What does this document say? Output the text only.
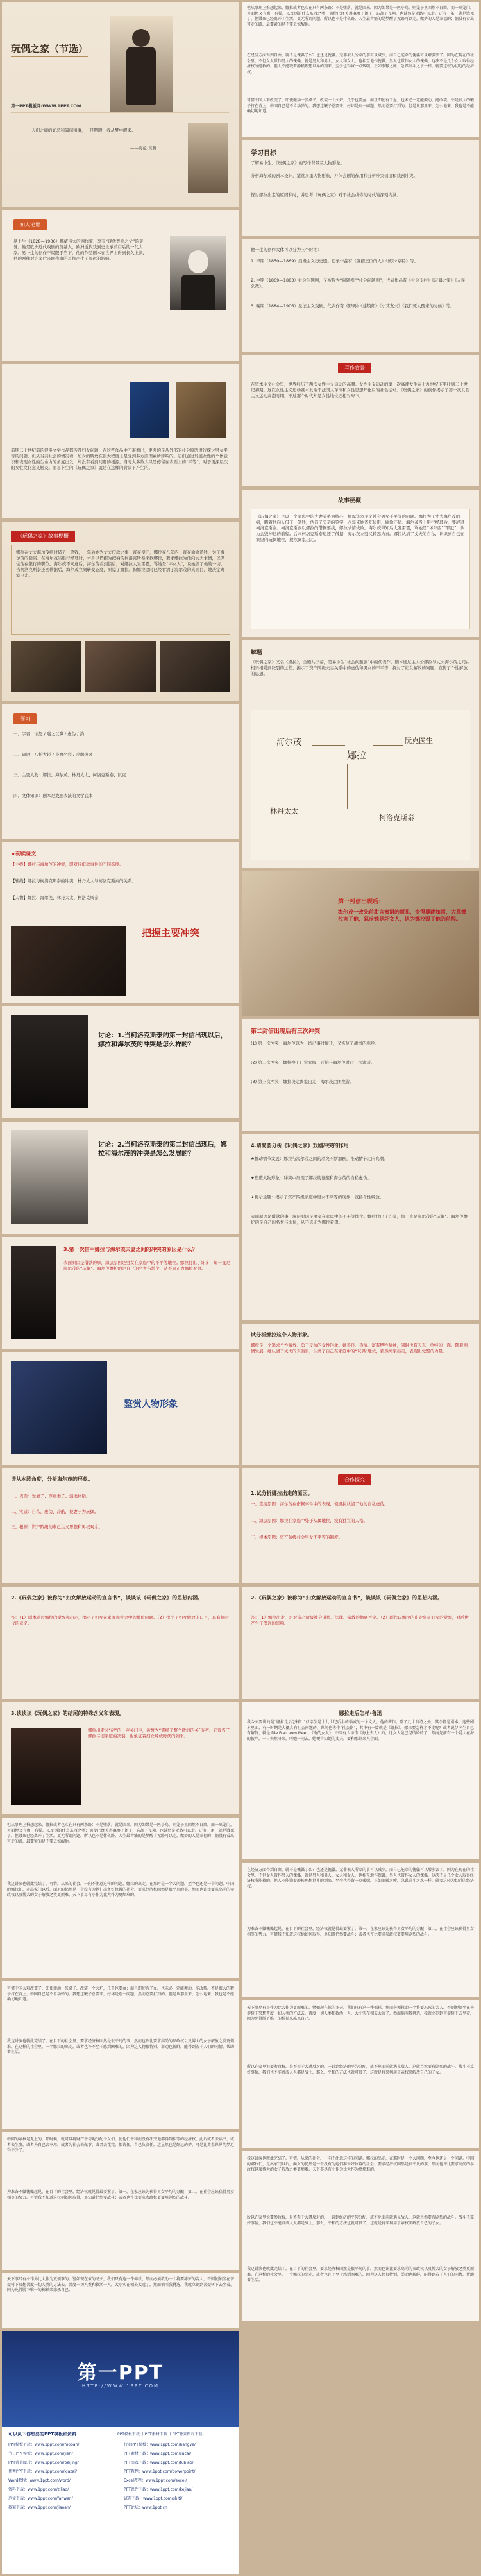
玩偶之家（节选）
第一PPT模板网-WWW.1PPT.COM
人们之间的妒忌和隔阂和事，一旦明瞭，我从梦中醒来。
——海伦·巨鲁
但从事理上推想起来，娜拉或者也实在只有两条路：不是堕落，就是回来。因为如果是一匹小鸟，则笼子里固然不自由，而一出笼门，外面便又有鹰，有猫，以及别的什么东西之类；倘使已经关得麻痹了翅子，忘却了飞翔，也诚然是无路可以走。还有一条，就是饿死了，但饿死已经离开了生活，更无所谓问题，所以也不是什么路。人生最苦痛的是梦醒了无路可以走。做梦的人是幸福的；倘没有看出可走的路，最要紧的是不要去惊醒他。
在经济方面得到自由，就不是傀儡了么？也还是傀儡。无非被人所牵的事可以减少，而自己能牵的傀儡可以增多罢了。因为在现在的社会里，不但女人常作男人的傀儡，就是男人和男人，女人和女人，也相互地作傀儡，男人也常作女人的傀儡，这决不是几个女人取得经济权所能救的。但人不能饿着静候理想世界的到来，至少也得留一点残喘，正如涸辙之鲋，急谋升斗之水一样，就要这较为切近的经济权。
可惜中国太难改变了，即使搬动一张桌子，改装一个火炉，几乎也要血；而且即使有了血，也未必一定能搬动，能改装。不是很大的鞭子打在背上，中国自己是不肯动弹的。我想这鞭子总要来，好坏是别一问题，然而总要打到的。但是从那里来，怎么地来，我也是不能确切地知道。
学习目标
了解易卜生、《玩偶之家》的写作背景及人物形象。
分析海尔茂的剧本设计，鉴赏多重人物形象，并体会剧的作用和分析冲突情境和戏剧冲突。
探讨娜拉出走的原因和时，并思考《玩偶之家》对于社会或你的时代的深刻内涵。
知人论世
易卜生（1828—1906）挪威伟大的剧作家，享有“现代戏剧之父”的美誉。他是欧洲近代戏剧的奠基人，欧洲近代戏剧史上承前启后的一代大家。易卜生的创作不局限于当下，他的作品剧本在世界上得到长久上演，他的剧作对许多后来剧作家的写作产生了深远的影响。
他一生的创作大体可以分为三个时期：
1. 早期（1850—1869）浪漫主义历史剧。记录作品有《觊觎王位的人》《彼尔·京特》等。
2. 中期（1869—1883）社会问题剧，又被称为“问题剧”“社会问题剧”，代表作品有《社会支柱》《玩偶之家》《人民公敌》。
3. 晚期（1884—1906）象征主义戏剧。代表作有《野鸭》《建筑师》《小艾友夫》《我们死人醒来的时候》等。
前期二十世纪前的很多文学作品都涉及妇女问题，在这些作品中不难看出，更多的是从外部的社会原因进行探讨男女平等的问题。但从当前社会的情况看，妇女的解放在很大程度上是受到多方面因素所影响的。它们通过发展女性的个体意识和表现女性的生命力的角度出发，却没有看到问题的根源。当时大多数人只是停留在表面上的“平等”。对于更深层次的女性文化意义触及。而易卜生的《玩偶之家》就是在这样的背景下产生的。
写作背景
在资本主义社会里，世界经历了两次女性主义运动的高潮。女性主义运动的第一次高潮发生在十九世纪下半叶到二十世纪初期。这次女性主义运动基本发端于法国大革命和女性思想开化后的社会运动。《玩偶之家》的创作揭示了第一次女性主义运动高潮时期。不过那个时代却是女性地位还相对卑下。
故事梗概
《玩偶之家》是以一个家庭中的夫妻关系为核心，揭露资本主义社会男女不平等的问题。娜拉为了丈夫海尔茂的病，瞒着他向人借了一笔钱，伪造了父亲的签字，八年来她省吃俭用，偷偷还债。海尔茂当上银行经理后，要辞退柯洛克斯泰。柯洛克斯泰以娜拉的借据要挟，娜拉求情失败。海尔茂得知后大发雷霆，骂她是“坏东西”“罪犯”，认为会毁掉他的前程。后来柯洛克斯泰退还了借据，海尔茂立刻又转怒为喜。娜拉认清了丈夫的自私，认识到自己在家里的玩偶地位，毅然离家出走。
《玩偶之家》故事梗概
娜拉在丈夫海尔茂病时借了一笔钱，一年后她为丈夫借款之事一直在偿还，娜拉在八年内一直在偷偷还钱，为了海尔茂的健康。在海尔茂当银行经理时，本身以借据为把柄的柯洛克斯泰来找娜拉，要求娜拉为他向丈夫求情，以保住他在银行的职位。海尔茂不同意后，海尔茂看到信后，对娜拉大发雷霆，骂她是“坏女人”，说她毁了他的一切。当柯洛克斯泰还回借据后，海尔茂立刻转变态度，原谅了娜拉。但娜拉这时已经看清了海尔茂的真面目，她决定离家出走。
解题
《玩偶之家》又名《娜拉》，全剧共三幕，是易卜生“社会问题剧”中的代表作。剧本通过主人公娜拉与丈夫海尔茂之间由相亲相爱到决裂的过程，揭示了资产阶级夫妻关系中的虚伪和男女的不平等，探讨了妇女解放的问题，宣传了个性解放的思想。
海尔茂
娜拉
阮克医生
林丹太太
柯洛克斯泰
预习
一、字音：恼怒 / 嗤之以鼻 / 虚伪 / 淌
二、词语：八抬大轿 / 身败名裂 / 冷嘲热讽
三、主要人物：娜拉、海尔茂、林丹太太、柯洛克斯泰、阮克
四、文体知识：剧本是戏剧表演的文学底本
★初读课文
【主线】娜拉与海尔茂的冲突，即对待借款事件的不同态度。
【辅线】娜拉与柯洛克斯泰的冲突，林丹太太与柯洛克斯泰的关系。
【人物】娜拉、海尔茂、林丹太太、柯洛克斯泰
把握主要冲突
第一封信出现后：
海尔茂一改先前甜言蜜语的面孔，变得暴跳如雷，大骂娜拉害了他，怒斥她是坏女人，认为娜拉毁了他的前程。
讨论：1.当柯洛克斯泰的第一封信出现以后，娜拉和海尔茂的冲突是怎么样的？
第二封信出现后有三次冲突
(1) 第一次冲突：海尔茂以为一切已事过境迁，又恢复了甜蜜的称呼。
(2) 第二次冲突：娜拉换上日常衣服，开始与海尔茂进行一次谈话。
(3) 第三次冲突：娜拉决定离家出走，海尔茂企图挽留。
讨论：2.当柯洛克斯泰的第二封信出现后，娜拉和海尔茂的冲突是怎么发展的？
4.请简要分析《玩偶之家》戏剧冲突的作用
★推动情节发展：娜拉与海尔茂之间的冲突不断加剧，推动情节走向高潮。
★塑造人物形象：冲突中展现了娜拉的觉醒和海尔茂的自私虚伪。
★揭示主题：揭示了资产阶级家庭中男女不平等的现象，宣扬个性解放。
表面原因是借款的事，深层原因是男女在家庭中的不平等地位。娜拉付出了许多，却一直是海尔茂的“玩偶”。海尔茂维护的是自己的名誉与地位，从不真正为娜拉着想。
3.第一次信中娜拉与海尔茂夫妻之间的冲突的原因是什么？
表面原因是借款的事，深层原因是男女在家庭中的不平等地位。娜拉付出了许多，却一直是海尔茂的“玩偶”。海尔茂维护的是自己的名誉与地位，从不真正为娜拉着想。
鉴赏人物形象
试分析娜拉这个人物形象。
娜拉是一个追求个性解放、勇于反抗的女性形象。她善良、热情、富有牺牲精神，同时也有天真、单纯的一面。随着剧情发展，她认清了丈夫的真面目，认清了自己在家庭中的“玩偶”地位，毅然离家出走，表现出觉醒的力量。
请从本剧角度，分析海尔茂的形象。
一、表面：爱妻子、尊重妻子、温柔体贴。
二、实质：自私、虚伪、冷酷，视妻子为玩偶。
三、根源：资产阶级的利己主义思想和男权观念。
合作探究
1.试分析娜拉出走的原因。
一、直接原因：海尔茂在借据事件中的表现，使娜拉认清了他的自私虚伪。
二、深层原因：娜拉在家庭中处于从属地位，没有独立的人格。
三、根本原因：资产阶级社会男女不平等的制度。
2.《玩偶之家》被称为“妇女解放运动的宣言书”，谈谈该《玩偶之家》的思想内涵。
答：（1）剧本通过娜拉的觉醒和出走，揭示了妇女在家庭和社会中的地位问题。（2）提出了妇女解放的口号，具有划时代的意义。
2.《玩偶之家》被称为“妇女解放运动的宣言书”，谈谈该《玩偶之家》的思想内涵。
答：（1）娜拉出走，是对资产阶级社会道德、法律、宗教的彻底否定。（2）剧作以娜拉的出走象征妇女的觉醒，对后世产生了深远的影响。
3.谈谈读《玩偶之家》的结尾的特殊含义和表现。
娜拉出走时“砰”的一声关门声，被誉为“震撼了整个欧洲的关门声”。它宣告了娜拉与旧家庭的决裂，也象征着妇女解放时代的到来。
娜拉走后怎样·鲁迅
我今天要讲的是“娜拉走后怎样？”伊孛生是十九世纪后半的瑙威的一个文人。他的著作，除了几十首诗之外，其余都是剧本。这些剧本里面，有一时期是大抵含有社会问题的，世间也称作“社会剧”，其中有一篇就是《娜拉》。娜拉要怎样才不走呢？或者说伊孛生自己有解答，就是 Die Frau vom Meer，《海的女人》，中国有人译作《海上夫人》的。这女人是已经结婚的了，然而先前有一个爱人在海的彼岸，一日突然寻来，叫她一同去。她便告知她的丈夫，要和那外来人会面。
但从事理上推想起来，娜拉或者也实在只有两条路：不是堕落，就是回来。因为如果是一匹小鸟，则笼子里固然不自由，而一出笼门，外面便又有鹰，有猫，以及别的什么东西之类；倘使已经关得麻痹了翅子，忘却了飞翔，也诚然是无路可以走。还有一条，就是饿死了，但饿死已经离开了生活，更无所谓问题，所以也不是什么路。人生最苦痛的是梦醒了无路可以走。做梦的人是幸福的；倘没有看出可走的路，最要紧的是不要去惊醒他。
我这讲演也就此完结了。可惜，从来的社会，一向不注意这样的问题。娜拉的出走，在那时是一个大问题，至今也还是一个问题。中国的娜拉们，走出家门以后，面对的仍然是一个没有为她们准备好位置的社会。要求经济权固然是很平凡的事，然而也许比要求高尚的参政权以及博大的女子解放之类更烦难。天下事尽有小作为比大作为更烦难的。
在经济方面得到自由，就不是傀儡了么？也还是傀儡。无非被人所牵的事可以减少，而自己能牵的傀儡可以增多罢了。因为在现在的社会里，不但女人常作男人的傀儡，就是男人和男人，女人和女人，也相互地作傀儡，男人也常作女人的傀儡，这决不是几个女人取得经济权所能救的。但人不能饿着静候理想世界的到来，至少也得留一点残喘，正如涸辙之鲋，急谋升斗之水一样，就要这较为切近的经济权。
为准备不做傀儡起见，在目下的社会里，经济权就见得最要紧了。第一，在家应该先获得男女平均的分配；第二，在社会应该获得男女相等的势力。可惜我不知道这权柄如何取得，单知道仍然要战斗；或者也许比要求参政权更要用剧烈的战斗。
可惜中国太难改变了，即使搬动一张桌子，改装一个火炉，几乎也要血；而且即使有了血，也未必一定能搬动，能改装。不是很大的鞭子打在背上，中国自己是不肯动弹的。我想这鞭子总要来，好坏是别一问题，然而总要打到的。但是从那里来，怎么地来，我也是不能确切地知道。
我这讲演也就此完结了。在目下的社会里，要求经济权固然是很平凡的事，然而也许比要求高尚的参政权以及博大的女子解放之类更烦难。在这样的社会里，一个娜拉的出走，或者也许不至于感到困难的，因为这人物很特别，举动也新鲜，能得到若干人们的同情，帮助着生活。
天下事尽有小作为比大作为更烦难的。譬如现在似的冬天，我们只有这一件棉袄，然而必须救助一个将要冻死的苦人，否则便须坐在菩提树下冥想普度一切人类的方法去。普度一切人类和救活一人，大小实在相去太远了，然而倘叫我挑选，我就立刻到菩提树下去坐着，因为免得脱下唯一的棉袄来冻杀自己。
所以在家里说要参政权，是不至于大遭反对的，一说到经济的平匀分配，或不免面前就遇见敌人，这就当然要有剧烈的战斗。战斗不算好事情，我们也不能责成人人都是战士，那么，平和的方法也就可贵了，这就是将来利用了亲权来解放自己的子女。
中国的亲权是无上的，那时候，就可以将财产平匀地分配子女们，使他们平和而没有冲突地都得到相等的经济权，此后或者去读书，或者去生发，或者为自己去享用，或者为社会去做事，或者去花完，都请便，自己负责任。这虽然也是颇远的梦，可是比黄金世界的梦近得不少了。
为准备不做傀儡起见，在目下的社会里，经济权就见得最要紧了。第一，在家应该先获得男女平均的分配；第二，在社会应该获得男女相等的势力。可惜我不知道这权柄如何取得，单知道仍然要战斗；或者也许比要求参政权更要用剧烈的战斗。
我这讲演也就此完结了。可惜，从来的社会，一向不注意这样的问题。娜拉的出走，在那时是一个大问题，至今也还是一个问题。中国的娜拉们，走出家门以后，面对的仍然是一个没有为她们准备好位置的社会。要求经济权固然是很平凡的事，然而也许比要求高尚的参政权以及博大的女子解放之类更烦难。天下事尽有小作为比大作为更烦难的。
所以在家里说要参政权，是不至于大遭反对的，一说到经济的平匀分配，或不免面前就遇见敌人，这就当然要有剧烈的战斗。战斗不算好事情，我们也不能责成人人都是战士，那么，平和的方法也就可贵了，这就是将来利用了亲权来解放自己的子女。
我这讲演也就此完结了。在目下的社会里，要求经济权固然是很平凡的事，然而也许比要求高尚的参政权以及博大的女子解放之类更烦难。在这样的社会里，一个娜拉的出走，或者也许不至于感到困难的，因为这人物很特别，举动也新鲜，能得到若干人们的同情，帮助着生活。
天下事尽有小作为比大作为更烦难的。譬如现在似的冬天，我们只有这一件棉袄，然而必须救助一个将要冻死的苦人，否则便须坐在菩提树下冥想普度一切人类的方法去。普度一切人类和救活一人，大小实在相去太远了，然而倘叫我挑选，我就立刻到菩提树下去坐着，因为免得脱下唯一的棉袄来冻杀自己。
第一PPT
HTTP://WWW.1PPT.COM
可以灵下你想要的PPT模板和资料	PPT模板下载 丨PPT素材下载 丨PPT背景图片下载
PPT模板下载：www.1ppt.com/moban/
节日PPT模板：www.1ppt.com/jieri/
PPT背景图片：www.1ppt.com/beijing/
优秀PPT下载：www.1ppt.com/xiazai/
Word教程：www.1ppt.com/word/
资料下载：www.1ppt.com/ziliao/
范文下载：www.1ppt.com/fanwen/
教案下载：www.1ppt.com/jiaoan/
行业PPT模板：www.1ppt.com/hangye/
PPT素材下载：www.1ppt.com/sucai/
PPT图表下载：www.1ppt.com/tubiao/
PPT教程：www.1ppt.com/powerpoint/
Excel教程：www.1ppt.com/excel/
PPT课件下载：www.1ppt.com/kejian/
试卷下载：www.1ppt.com/shiti/
PPT论坛：www.1ppt.cn
